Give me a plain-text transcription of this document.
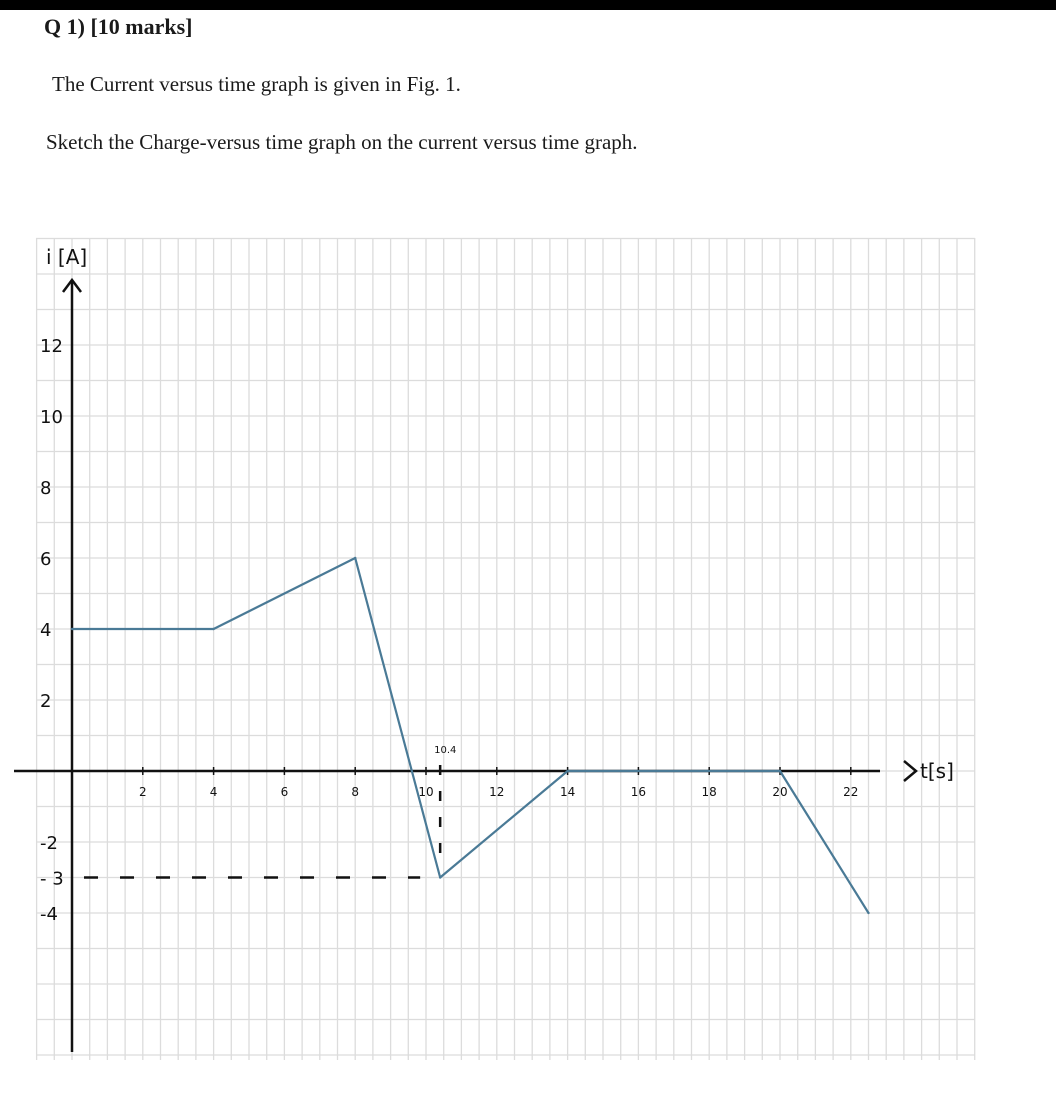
Q 1) [10 marks]
The Current versus time graph is given in Fig. 1.
Sketch the Charge-versus time graph on the current versus time graph.
2	4	6	8	10	12	14	16	18	20	22
12
10
8
6
4
2
-2
- 3
-4
i [A]
t[s]
10.4
